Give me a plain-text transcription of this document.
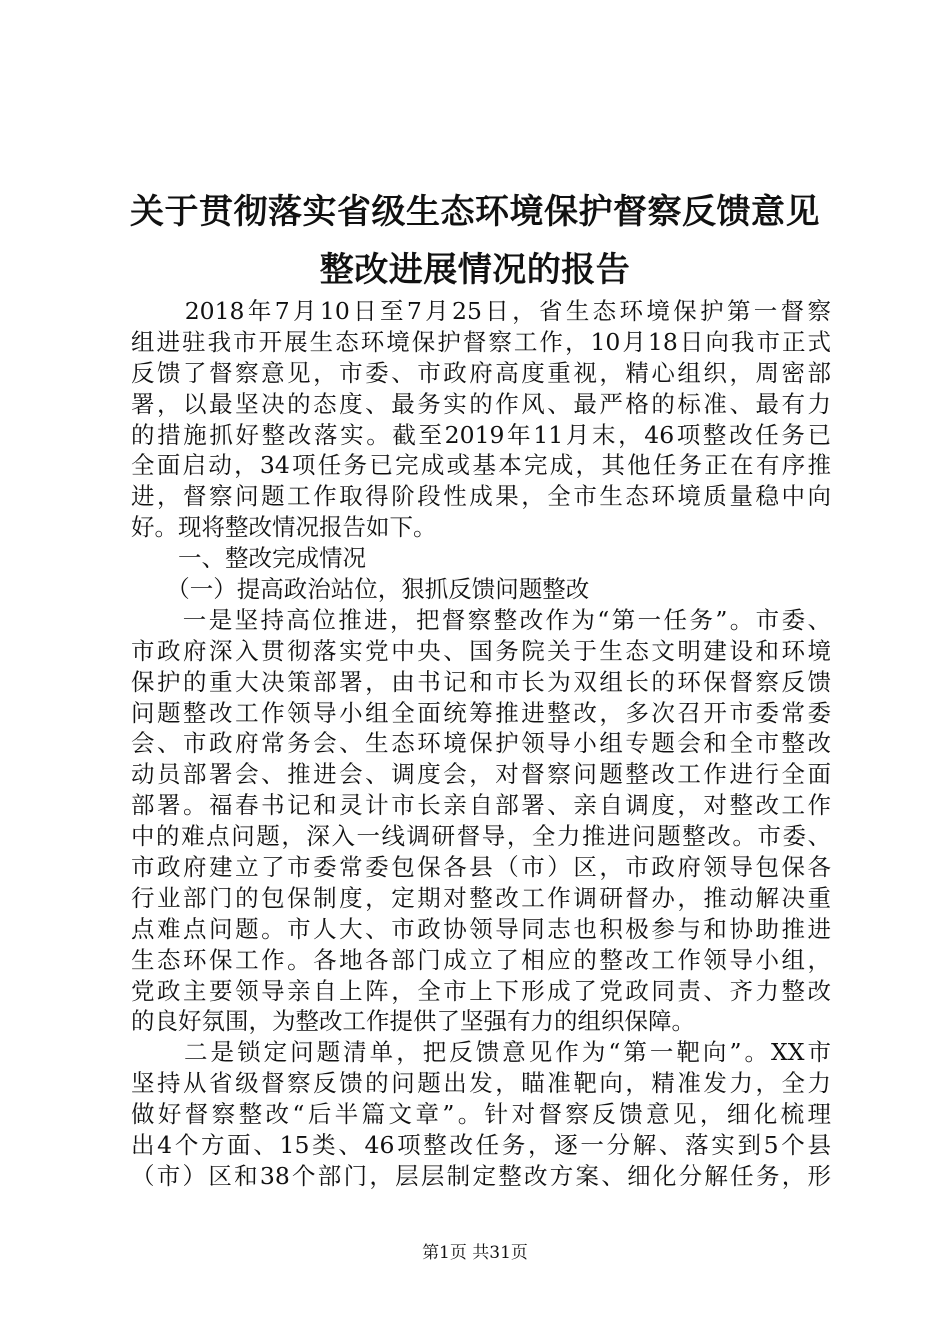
关于贯彻落实省级生态环境保护督察反馈意见
整改进展情况的报告
　　2018年7月10日至7月25日，省生态环境保护第一督察
组进驻我市开展生态环境保护督察工作，10月18日向我市正式
反馈了督察意见，市委、市政府高度重视，精心组织，周密部
署，以最坚决的态度、最务实的作风、最严格的标准、最有力
的措施抓好整改落实。截至2019年11月末，46项整改任务已
全面启动，34项任务已完成或基本完成，其他任务正在有序推
进，督察问题工作取得阶段性成果，全市生态环境质量稳中向
好。现将整改情况报告如下。
　　一、整改完成情况
　　（一）提高政治站位，狠抓反馈问题整改
　　一是坚持高位推进，把督察整改作为“第一任务”。市委、
市政府深入贯彻落实党中央、国务院关于生态文明建设和环境
保护的重大决策部署，由书记和市长为双组长的环保督察反馈
问题整改工作领导小组全面统筹推进整改，多次召开市委常委
会、市政府常务会、生态环境保护领导小组专题会和全市整改
动员部署会、推进会、调度会，对督察问题整改工作进行全面
部署。福春书记和灵计市长亲自部署、亲自调度，对整改工作
中的难点问题，深入一线调研督导，全力推进问题整改。市委、
市政府建立了市委常委包保各县（市）区，市政府领导包保各
行业部门的包保制度，定期对整改工作调研督办，推动解决重
点难点问题。市人大、市政协领导同志也积极参与和协助推进
生态环保工作。各地各部门成立了相应的整改工作领导小组，
党政主要领导亲自上阵，全市上下形成了党政同责、齐力整改
的良好氛围，为整改工作提供了坚强有力的组织保障。
　　二是锁定问题清单，把反馈意见作为“第一靶向”。XX市
坚持从省级督察反馈的问题出发，瞄准靶向，精准发力，全力
做好督察整改“后半篇文章”。针对督察反馈意见，细化梳理
出4个方面、15类、46项整改任务，逐一分解、落实到5个县
（市）区和38个部门，层层制定整改方案、细化分解任务，形
第1页 共31页
